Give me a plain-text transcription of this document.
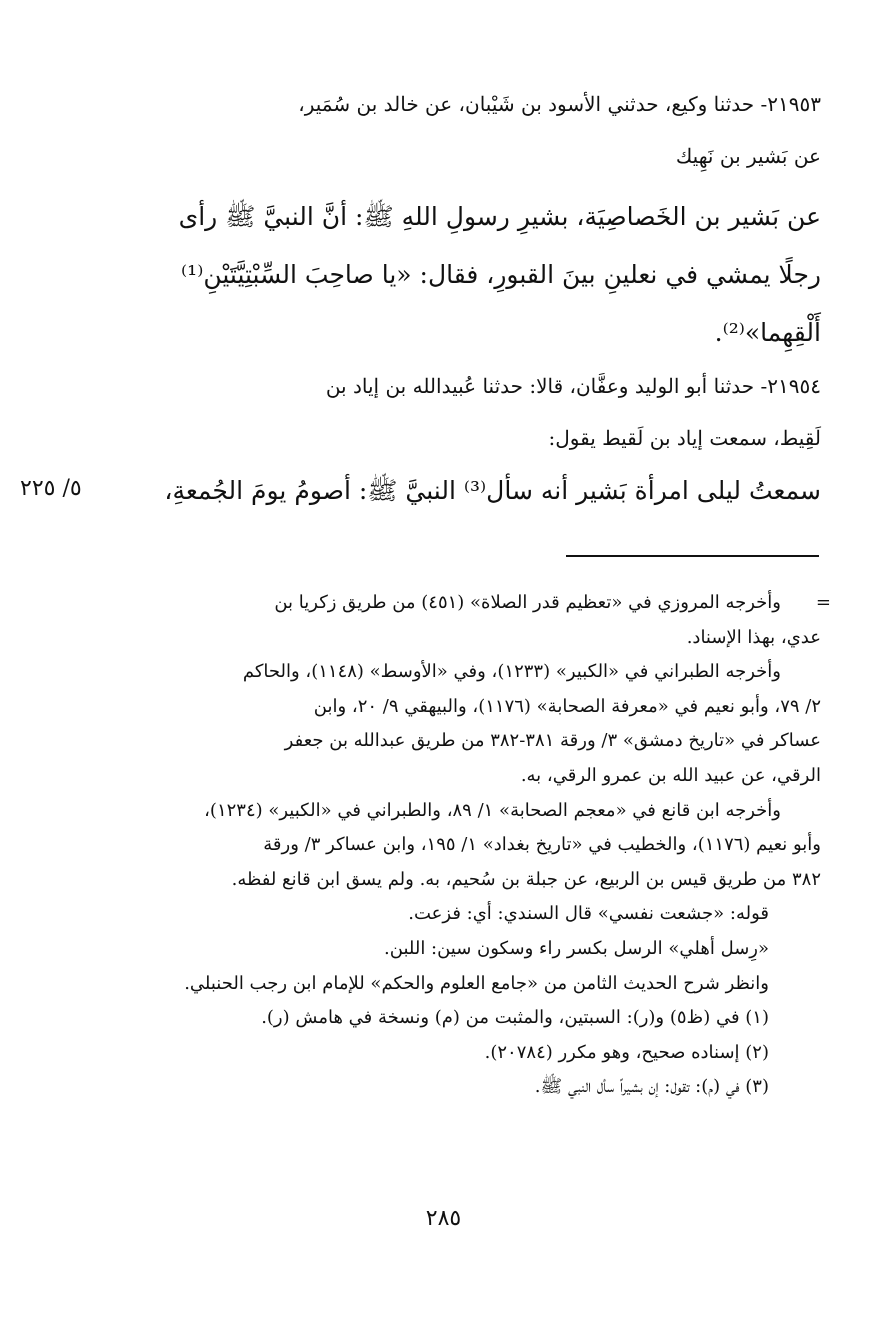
٢١٩٥٣- حدثنا وكيع، حدثني الأسود بن شَيْبان، عن خالد بن سُمَير،
عن بَشير بن نَهِيك
عن بَشير بن الخَصاصِيَة، بشيرِ رسولِ اللهِ ﷺ: أنَّ النبيَّ ﷺ رأى
رجلًا يمشي في نعلينِ بينَ القبورِ، فقال: «يا صاحِبَ السِّبْتِيَّتَيْنِ⁽¹⁾
أَلْقِهِما»⁽²⁾.
٢١٩٥٤- حدثنا أبو الوليد وعفَّان، قالا: حدثنا عُبيدالله بن إياد بن
لَقِيط، سمعت إياد بن لَقيط يقول:
سمعتُ ليلى امرأة بَشير أنه سأل⁽³⁾ النبيَّ ﷺ: أصومُ يومَ الجُمعةِ،
٥/ ٢٢٥
=
وأخرجه المروزي في «تعظيم قدر الصلاة» (٤٥١) من طريق زكريا بن
عدي، بهذا الإسناد.
وأخرجه الطبراني في «الكبير» (١٢٣٣)، وفي «الأوسط» (١١٤٨)، والحاكم
٢/ ٧٩، وأبو نعيم في «معرفة الصحابة» (١١٧٦)، والبيهقي ٩/ ٢٠، وابن
عساكر في «تاريخ دمشق» ٣/ ورقة ٣٨١-٣٨٢ من طريق عبدالله بن جعفر
الرقي، عن عبيد الله بن عمرو الرقي، به.
وأخرجه ابن قانع في «معجم الصحابة» ١/ ٨٩، والطبراني في «الكبير» (١٢٣٤)،
وأبو نعيم (١١٧٦)، والخطيب في «تاريخ بغداد» ١/ ١٩٥، وابن عساكر ٣/ ورقة
٣٨٢ من طريق قيس بن الربيع، عن جبلة بن سُحيم، به. ولم يسق ابن قانع لفظه.
قوله: «جشعت نفسي» قال السندي: أي: فزعت.
«رِسل أهلي» الرسل بكسر راء وسكون سين: اللبن.
وانظر شرح الحديث الثامن من «جامع العلوم والحكم» للإمام ابن رجب الحنبلي.
(١) في (ظ٥) و(ر): السبتين، والمثبت من (م) ونسخة في هامش (ر).
(٢) إسناده صحيح، وهو مكرر (٢٠٧٨٤).
(٣) في (م): تقول: إن بشيراً سأل النبي ﷺ.
٢٨٥
